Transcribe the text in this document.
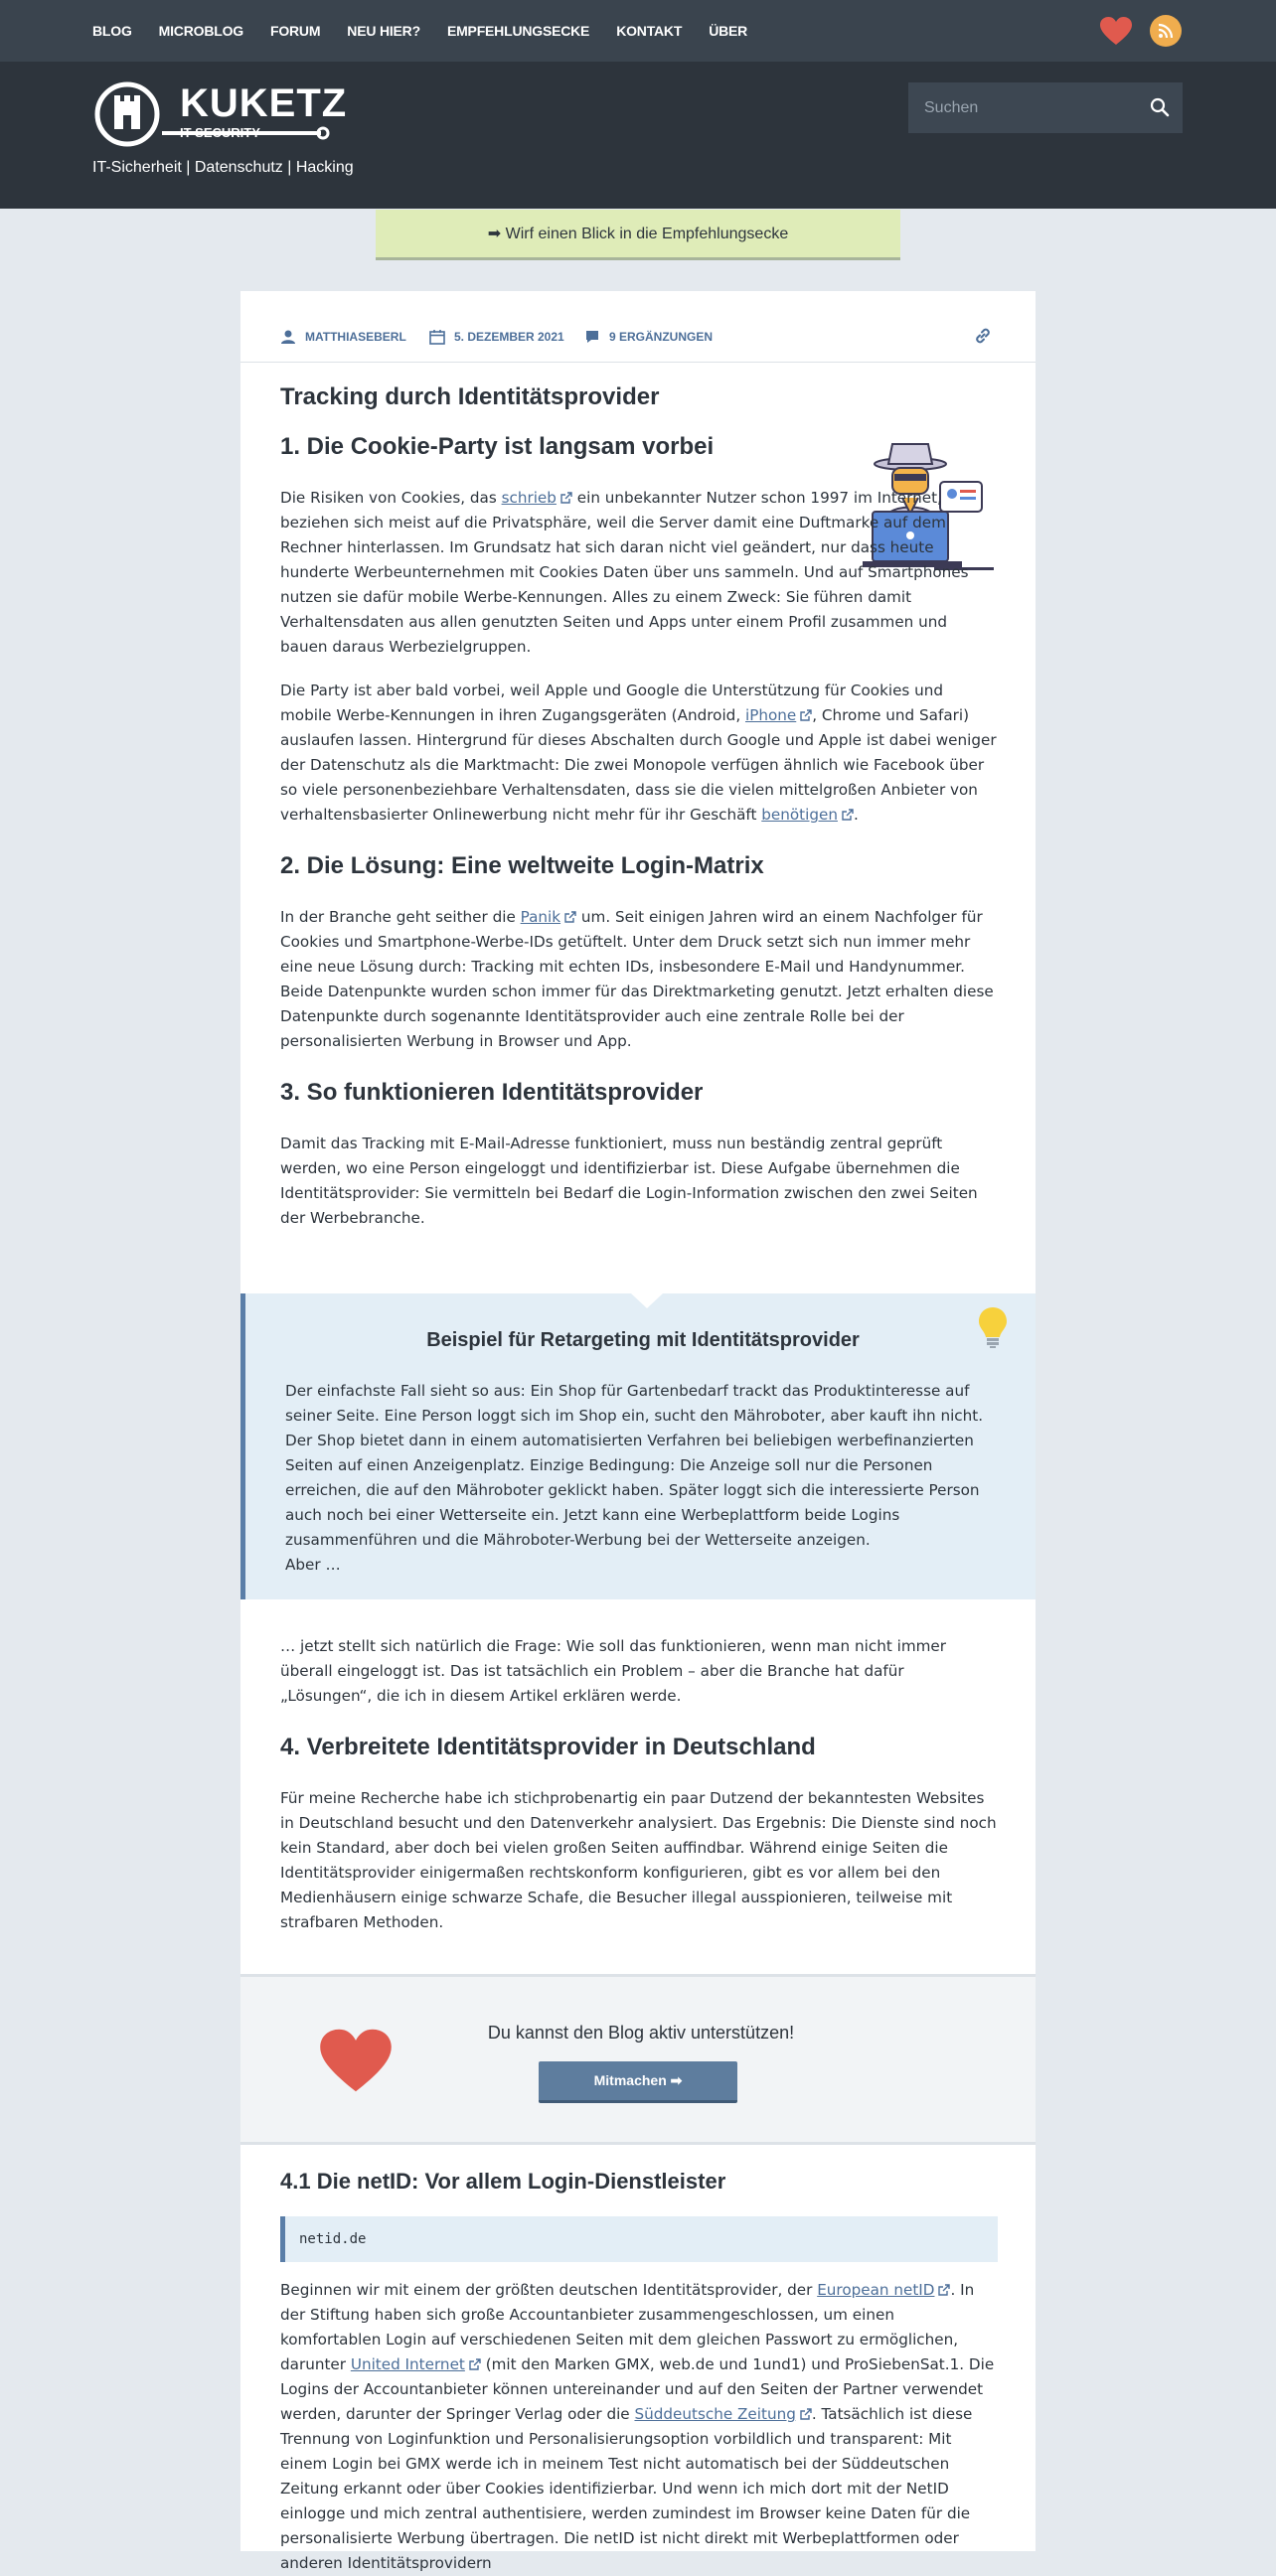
BLOG MICROBLOG FORUM NEU HIER? EMPFEHLUNGSECKE KONTAKT ÜBER
KUKETZ
IT-SECURITY
IT-Sicherheit | Datenschutz | Hacking
Suchen
➡ Wirf einen Blick in die Empfehlungsecke
MATTHIASEBERL	5. DEZEMBER 2021	9 ERGÄNZUNGEN
Tracking durch Identitätsprovider
1. Die Cookie-Party ist langsam vorbei

Die Risiken von Cookies, das schrieb ein unbekannter Nutzer schon 1997 im Internet, beziehen sich meist auf die Privatsphäre, weil die Server damit eine Duftmarke auf dem Rechner hinterlassen. Im Grundsatz hat sich daran nicht viel geändert, nur dass heute hunderte Werbeunternehmen mit Cookies Daten über uns sammeln. Und auf Smartphones nutzen sie dafür mobile Werbe-Kennungen. Alles zu einem Zweck: Sie führen damit Verhaltensdaten aus allen genutzten Seiten und Apps unter einem Profil zusammen und bauen daraus Werbezielgruppen.

Die Party ist aber bald vorbei, weil Apple und Google die Unterstützung für Cookies und mobile Werbe-Kennungen in ihren Zugangsgeräten (Android, iPhone , Chrome und Safari) auslaufen lassen. Hintergrund für dieses Abschalten durch Google und Apple ist dabei weniger der Datenschutz als die Marktmacht: Die zwei Monopole verfügen ähnlich wie Facebook über so viele personenbeziehbare Verhaltensdaten, dass sie die vielen mittelgroßen Anbieter von verhaltensbasierter Onlinewerbung nicht mehr für ihr Geschäft benötigen .

2. Die Lösung: Eine weltweite Login-Matrix

In der Branche geht seither die Panik um. Seit einigen Jahren wird an einem Nachfolger für Cookies und Smartphone-Werbe-IDs getüftelt. Unter dem Druck setzt sich nun immer mehr eine neue Lösung durch: Tracking mit echten IDs, insbesondere E-Mail und Handynummer. Beide Datenpunkte wurden schon immer für das Direktmarketing genutzt. Jetzt erhalten diese Datenpunkte durch sogenannte Identitätsprovider auch eine zentrale Rolle bei der personalisierten Werbung in Browser und App.

3. So funktionieren Identitätsprovider

Damit das Tracking mit E-Mail-Adresse funktioniert, muss nun beständig zentral geprüft werden, wo eine Person eingeloggt und identifizierbar ist. Diese Aufgabe übernehmen die Identitätsprovider: Sie vermitteln bei Bedarf die Login-Information zwischen den zwei Seiten der Werbebranche.

Beispiel für Retargeting mit Identitätsprovider

Der einfachste Fall sieht so aus: Ein Shop für Gartenbedarf trackt das Produktinteresse auf seiner Seite. Eine Person loggt sich im Shop ein, sucht den Mähroboter, aber kauft ihn nicht. Der Shop bietet dann in einem automatisierten Verfahren bei beliebigen werbefinanzierten Seiten auf einen Anzeigenplatz. Einzige Bedingung: Die Anzeige soll nur die Personen erreichen, die auf den Mähroboter geklickt haben. Später loggt sich die interessierte Person auch noch bei einer Wetterseite ein. Jetzt kann eine Werbeplattform beide Logins zusammenführen und die Mähroboter-Werbung bei der Wetterseite anzeigen.

Aber …

… jetzt stellt sich natürlich die Frage: Wie soll das funktionieren, wenn man nicht immer überall eingeloggt ist. Das ist tatsächlich ein Problem – aber die Branche hat dafür „Lösungen“, die ich in diesem Artikel erklären werde.

4. Verbreitete Identitätsprovider in Deutschland

Für meine Recherche habe ich stichprobenartig ein paar Dutzend der bekanntesten Websites in Deutschland besucht und den Datenverkehr analysiert. Das Ergebnis: Die Dienste sind noch kein Standard, aber doch bei vielen großen Seiten auffindbar. Während einige Seiten die Identitätsprovider einigermaßen rechtskonform konfigurieren, gibt es vor allem bei den Medienhäusern einige schwarze Schafe, die Besucher illegal ausspionieren, teilweise mit strafbaren Methoden.

Du kannst den Blog aktiv unterstützen!
Mitmachen ➡
4.1 Die netID: Vor allem Login-Dienstleister
netid.de

Beginnen wir mit einem der größten deutschen Identitätsprovider, der European netID . In der Stiftung haben sich große Accountanbieter zusammengeschlossen, um einen komfortablen Login auf verschiedenen Seiten mit dem gleichen Passwort zu ermöglichen, darunter United Internet (mit den Marken GMX, web.de und 1und1) und ProSiebenSat.1. Die Logins der Accountanbieter können untereinander und auf den Seiten der Partner verwendet werden, darunter der Springer Verlag oder die Süddeutsche Zeitung . Tatsächlich ist diese Trennung von Loginfunktion und Personalisierungsoption vorbildlich und transparent: Mit einem Login bei GMX werde ich in meinem Test nicht automatisch bei der Süddeutschen Zeitung erkannt oder über Cookies identifizierbar. Und wenn ich mich dort mit der NetID einlogge und mich zentral authentisiere, werden zumindest im Browser keine Daten für die personalisierte Werbung übertragen. Die netID ist nicht direkt mit Werbeplattformen oder anderen Identitätsprovidern
